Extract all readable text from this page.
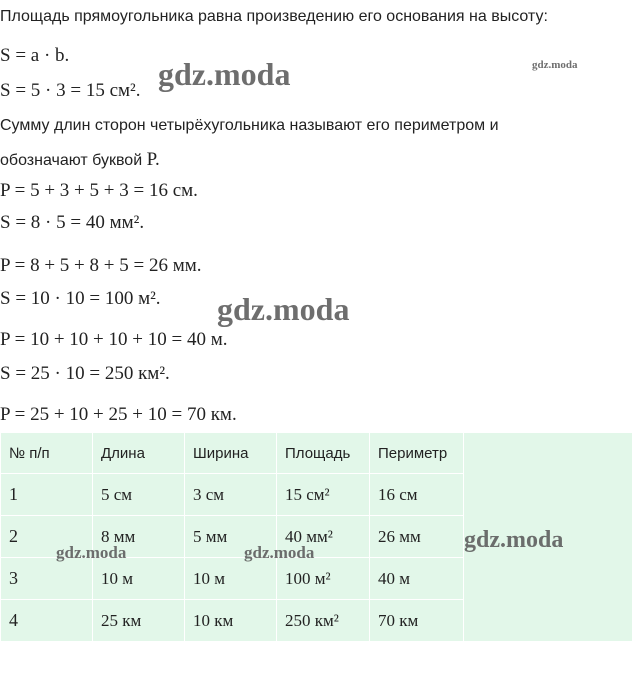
Площадь прямоугольника равна произведению его основания на высоту:
S = a · b.
S = 5 · 3 = 15 см².
Сумму длин сторон четырёхугольника называют его периметром и
обозначают буквой P.
P = 5 + 3 + 5 + 3 = 16 см.
S = 8 · 5 = 40 мм².
P = 8 + 5 + 8 + 5 = 26 мм.
S = 10 · 10 = 100 м².
P = 10 + 10 + 10 + 10 = 40 м.
S = 25 · 10 = 250 км².
P = 25 + 10 + 25 + 10 = 70 км.
№ п/п	Длина	Ширина	Площадь	Периметр	
1	5 см	3 см	15 см²	16 см	
2	8 мм	5 мм	40 мм²	26 мм	
3	10 м	10 м	100 м²	40 м	
4	25 км	10 км	250 км²	70 км	
gdz.moda	gdz.moda
gdz.moda
gdz.moda	gdz.moda	gdz.moda
